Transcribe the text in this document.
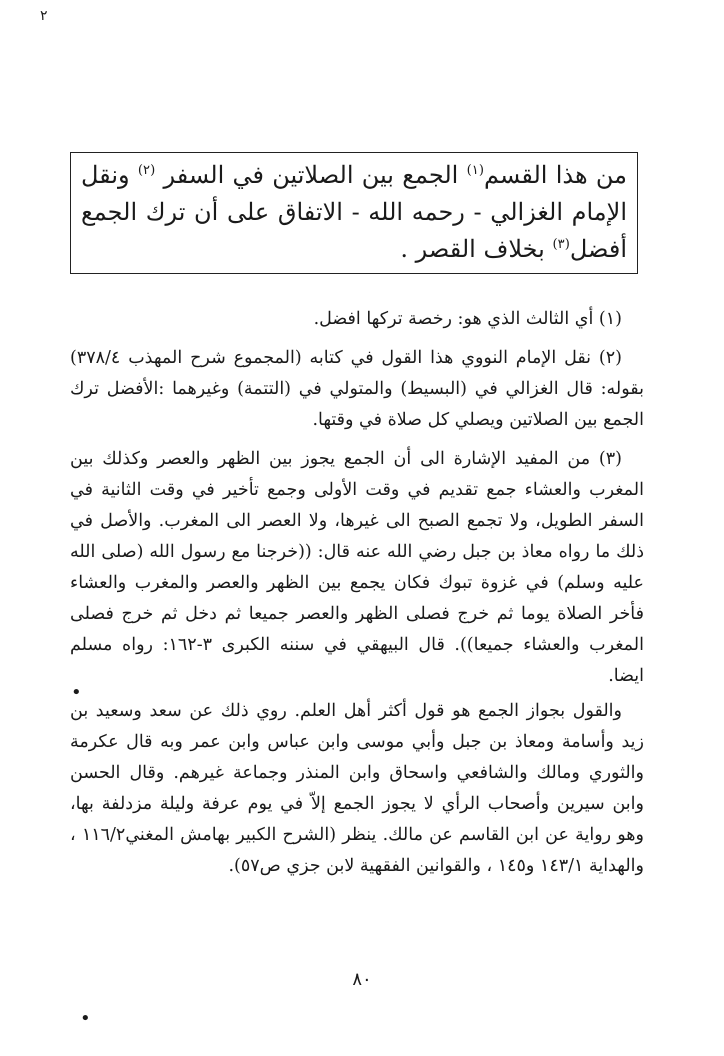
٢
من هذا القسم$^{(١)}$ الجمع بين الصلاتين في السفر $^{(٢)}$ ونقل الإمام الغزالي - رحمه الله - الاتفاق على أن ترك الجمع أفضل$^{(٣)}$ بخلاف القصر .

(١) أي الثالث الذي هو: رخصة تركها افضل.

(٢) نقل الإمام النووي هذا القول في كتابه (المجموع شرح المهذب ٣٧٨/٤) بقوله: قال الغزالي في (البسيط) والمتولي في (التتمة) وغيرهما :الأفضل ترك الجمع بين الصلاتين ويصلي كل صلاة في وقتها.

(٣) من المفيد الإشارة الى أن الجمع يجوز بين الظهر والعصر وكذلك بين المغرب والعشاء جمع تقديم في وقت الأولى وجمع تأخير في وقت الثانية في السفر الطويل، ولا تجمع الصبح الى غيرها، ولا العصر الى المغرب. والأصل في ذلك ما رواه معاذ بن جبل رضي الله عنه قال: ((خرجنا مع رسول الله (صلى الله عليه وسلم) في غزوة تبوك فكان يجمع بين الظهر والعصر والمغرب والعشاء فأخر الصلاة يوما ثم خرج فصلى الظهر والعصر جميعا ثم دخل ثم خرج فصلى المغرب والعشاء جميعا)). قال البيهقي في سننه الكبرى ٣-١٦٢: رواه مسلم ايضا.

والقول بجواز الجمع هو قول أكثر أهل العلم. روي ذلك عن سعد وسعيد بن زيد وأسامة ومعاذ بن جبل وأبي موسى وابن عباس وابن عمر وبه قال عكرمة والثوري ومالك والشافعي واسحاق وابن المنذر وجماعة غيرهم. وقال الحسن وابن سيرين وأصحاب الرأي لا يجوز الجمع إلاّ في يوم عرفة وليلة مزدلفة بها، وهو رواية عن ابن القاسم عن مالك. ينظر (الشرح الكبير بهامش المغني١١٦/٢ ، والهداية ١٤٣/١ و١٤٥ ، والقوانين الفقهية لابن جزي ص٥٧).

•
٨٠
•
